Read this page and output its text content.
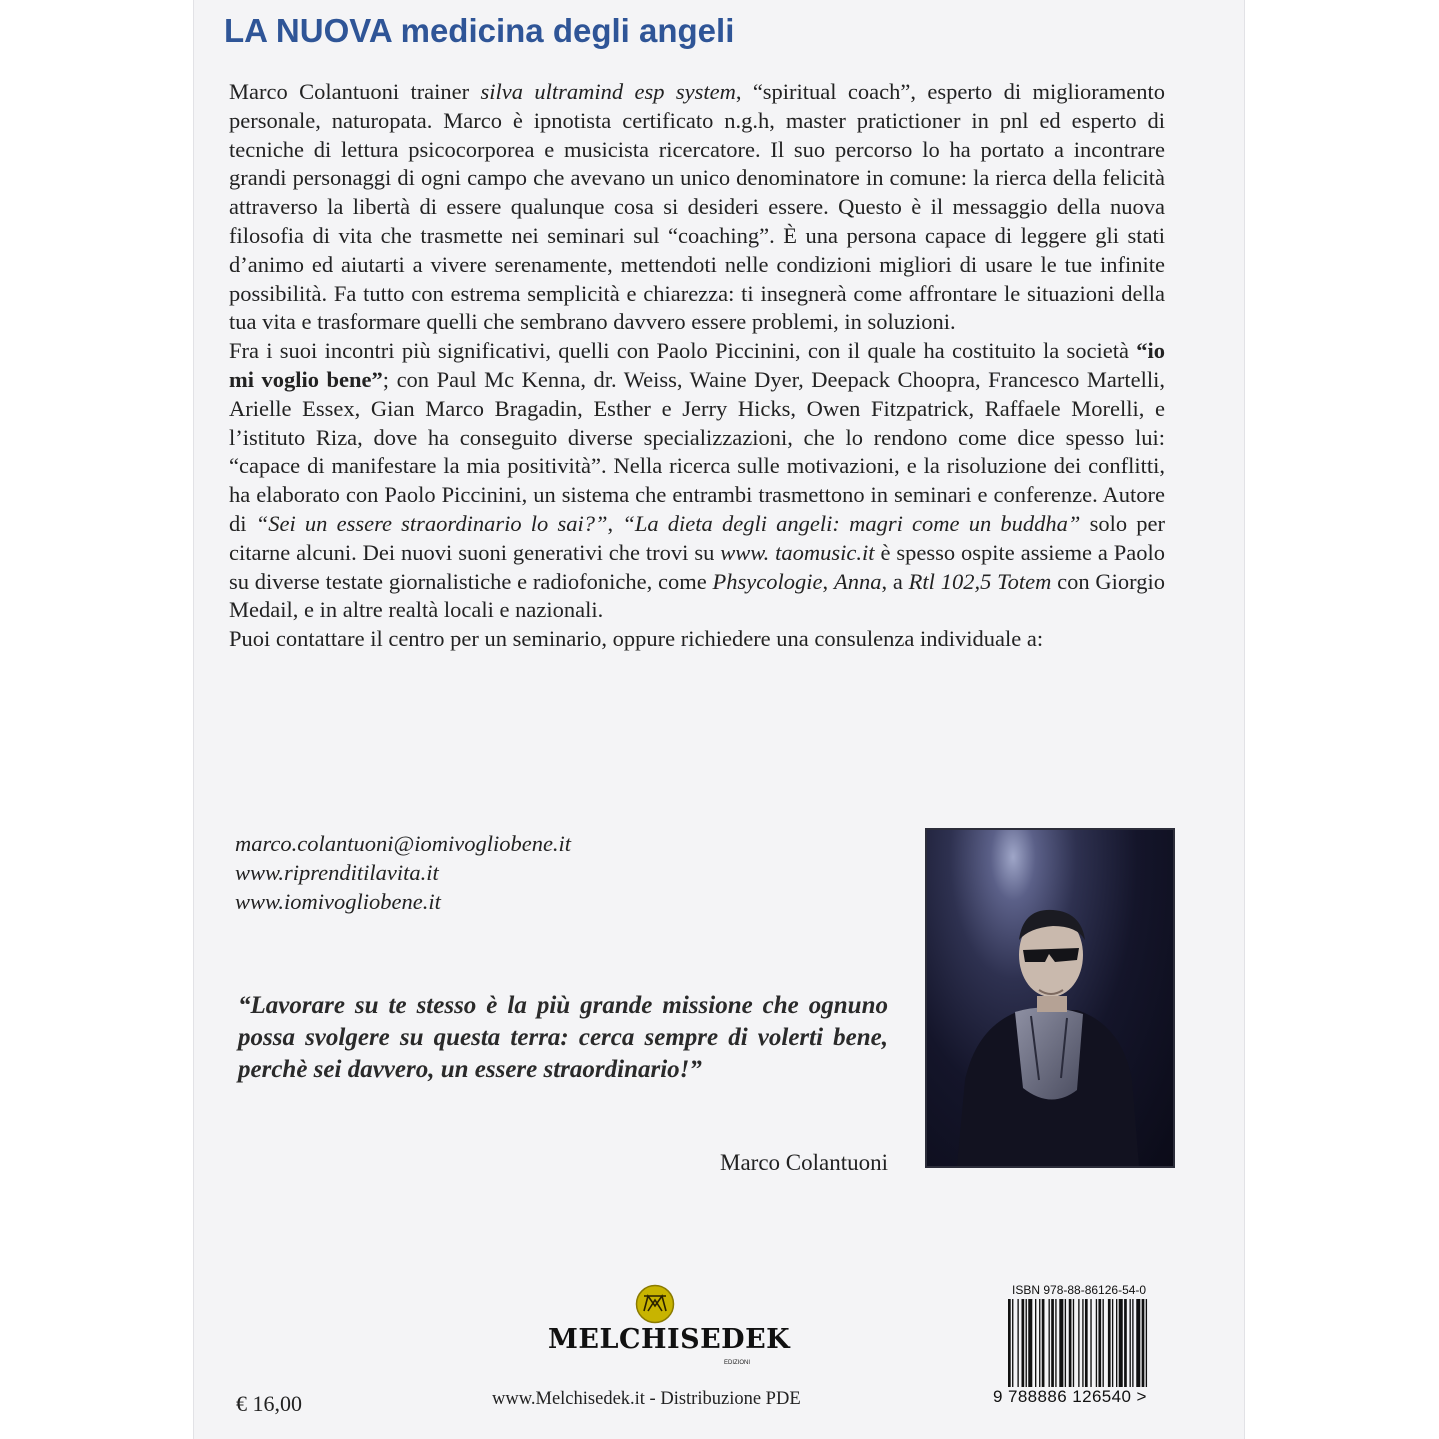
LA NUOVA medicina degli angeli

Marco Colantuoni trainer silva ultramind esp system, “spiritual coach”, esperto di miglioramento personale, naturopata. Marco è ipnotista certificato n.g.h, master pratictioner in pnl ed esperto di tecniche di lettura psicocorporea e musicista ricercatore. Il suo percorso lo ha portato a incontrare grandi personaggi di ogni campo che avevano un unico denominatore in comune: la rierca della felicità attraverso la libertà di essere qualunque cosa si desideri essere. Questo è il messaggio della nuova filosofia di vita che trasmette nei seminari sul “coaching”. È una persona capace di leggere gli stati d’animo ed aiutarti a vivere serenamente, mettendoti nelle condizioni migliori di usare le tue infinite possibilità. Fa tutto con estrema semplicità e chiarezza: ti insegnerà come affrontare le situazioni della tua vita e trasformare quelli che sembrano davvero essere problemi, in soluzioni.

Fra i suoi incontri più significativi, quelli con Paolo Piccinini, con il quale ha costituito la società “io mi voglio bene”; con Paul Mc Kenna, dr. Weiss, Waine Dyer, Deepack Choopra, Francesco Martelli, Arielle Essex, Gian Marco Bragadin, Esther e Jerry Hicks, Owen Fitzpatrick, Raffaele Morelli, e l’istituto Riza, dove ha conseguito diverse specializzazioni, che lo rendono come dice spesso lui: “capace di manifestare la mia positività”. Nella ricerca sulle motivazioni, e la risoluzione dei conflitti, ha elaborato con Paolo Piccinini, un sistema che entrambi trasmettono in seminari e conferenze. Autore di “Sei un essere straordinario lo sai?”, “La dieta degli angeli: magri come un buddha” solo per citarne alcuni. Dei nuovi suoni generativi che trovi su www. taomusic.it è spesso ospite assieme a Paolo su diverse testate giornalistiche e radiofoniche, come Phsycologie, Anna, a Rtl 102,5 Totem con Giorgio Medail, e in altre realtà locali e nazionali.

Puoi contattare il centro per un seminario, oppure richiedere una consulenza individuale a:

marco.colantuoni@iomivogliobene.it
www.riprenditilavita.it
www.iomivogliobene.it
“Lavorare su te stesso è la più grande missione che ognuno possa svolgere su questa terra: cerca sempre di volerti bene, perchè sei davvero, un essere straordinario!”
Marco Colantuoni
MELCHISEDEK
EDIZIONI
€ 16,00	www.Melchisedek.it - Distribuzione PDE
ISBN 978-88-86126-54-0
9 788886 126540 >
